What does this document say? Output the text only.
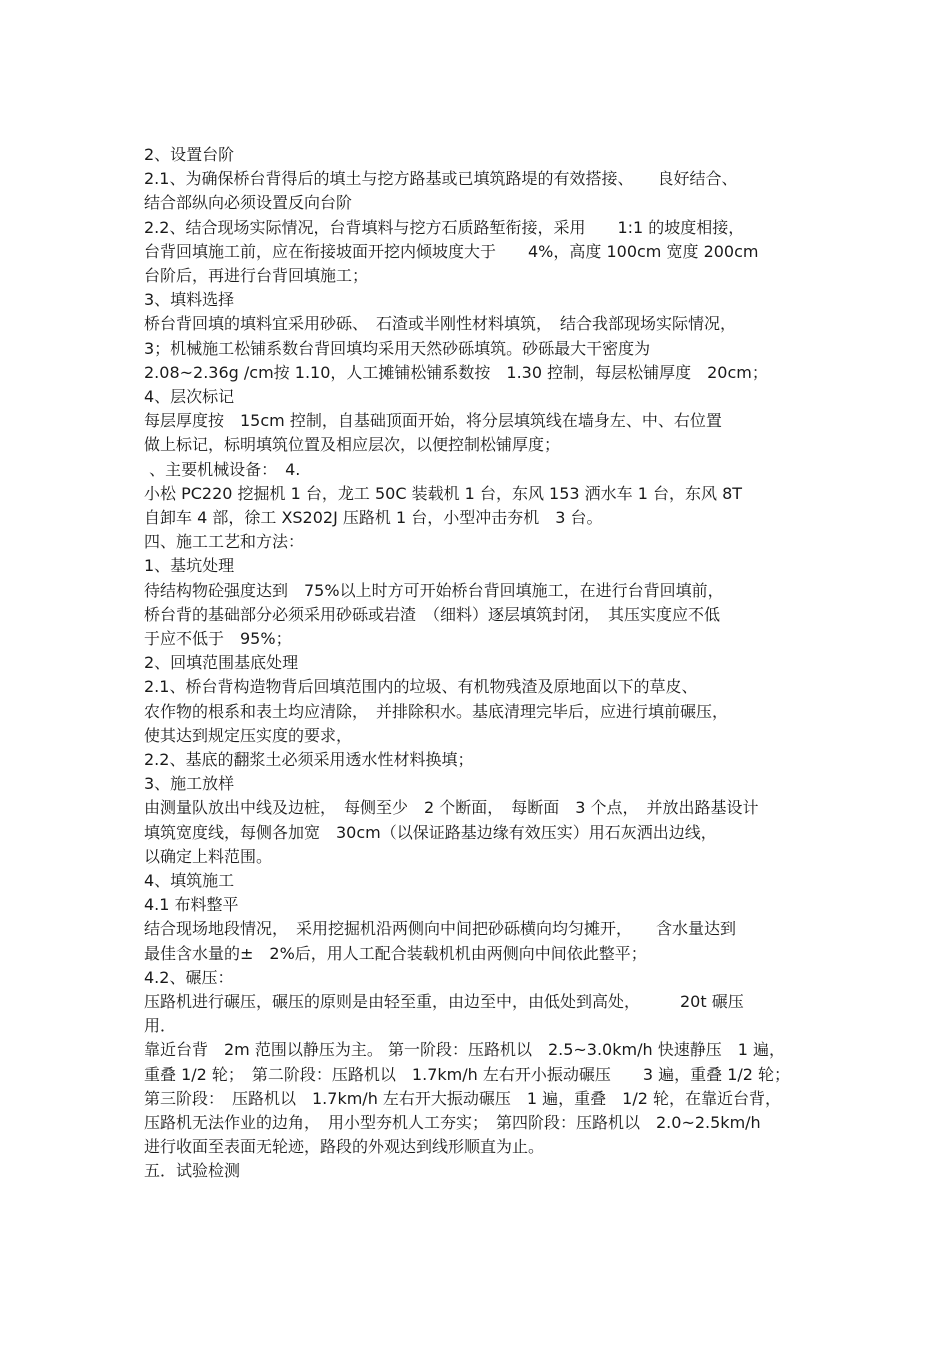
2、设置台阶
2.1、为确保桥台背得后的填土与挖方路基或已填筑路堤的有效搭接、　　良好结合、
结合部纵向必须设置反向台阶
2.2、结合现场实际情况，台背填料与挖方石质路堑衔接，采用　　1:1 的坡度相接，
台背回填施工前，应在衔接坡面开挖内倾坡度大于　　4%，高度 100cm 宽度 200cm
台阶后，再进行台背回填施工；
3、填料选择
桥台背回填的填料宜采用砂砾、　石渣或半刚性材料填筑，　结合我部现场实际情况，
3；机械施工松铺系数台背回填均采用天然砂砾填筑。砂砾最大干密度为
2.08~2.36g /cm按 1.10，人工摊铺松铺系数按　1.30 控制，每层松铺厚度　20cm；
4、层次标记
每层厚度按　15cm 控制，自基础顶面开始，将分层填筑线在墙身左、中、右位置
做上标记，标明填筑位置及相应层次，以便控制松铺厚度；
、主要机械设备：　4.
小松 PC220 挖掘机 1 台，龙工 50C 装载机 1 台，东风 153 洒水车 1 台，东风 8T
自卸车 4 部，徐工 XS202J 压路机 1 台，小型冲击夯机　3 台。
四、施工工艺和方法：
1、基坑处理
待结构物砼强度达到　75%以上时方可开始桥台背回填施工，在进行台背回填前，
桥台背的基础部分必须采用砂砾或岩渣　（细料）逐层填筑封闭，　其压实度应不低
于应不低于　95%；
2、回填范围基底处理
2.1、桥台背构造物背后回填范围内的垃圾、有机物残渣及原地面以下的草皮、
农作物的根系和表土均应清除，　并排除积水。基底清理完毕后，应进行填前碾压，
使其达到规定压实度的要求，
2.2、基底的翻浆土必须采用透水性材料换填；
3、施工放样
由测量队放出中线及边桩，　每侧至少　2 个断面，　每断面　3 个点，　并放出路基设计
填筑宽度线，每侧各加宽　30cm（以保证路基边缘有效压实）用石灰洒出边线，
以确定上料范围。
4、填筑施工
4.1 布料整平
结合现场地段情况，　采用挖掘机沿两侧向中间把砂砾横向均匀摊开，　　含水量达到
最佳含水量的±　2%后，用人工配合装载机机由两侧向中间依此整平；
4.2、碾压：
压路机进行碾压，碾压的原则是由轻至重，由边至中，由低处到高处，　　　20t 碾压
用．
靠近台背　2m 范围以静压为主。 第一阶段：压路机以　2.5~3.0km/h 快速静压　1 遍，
重叠 1/2 轮；　第二阶段：压路机以　1.7km/h 左右开小振动碾压　　3 遍，重叠 1/2 轮；
第三阶段：　压路机以　1.7km/h 左右开大振动碾压　1 遍，重叠　1/2 轮，在靠近台背，
压路机无法作业的边角，　用小型夯机人工夯实；　第四阶段：压路机以　2.0~2.5km/h
进行收面至表面无轮迹，路段的外观达到线形顺直为止。
五．试验检测
